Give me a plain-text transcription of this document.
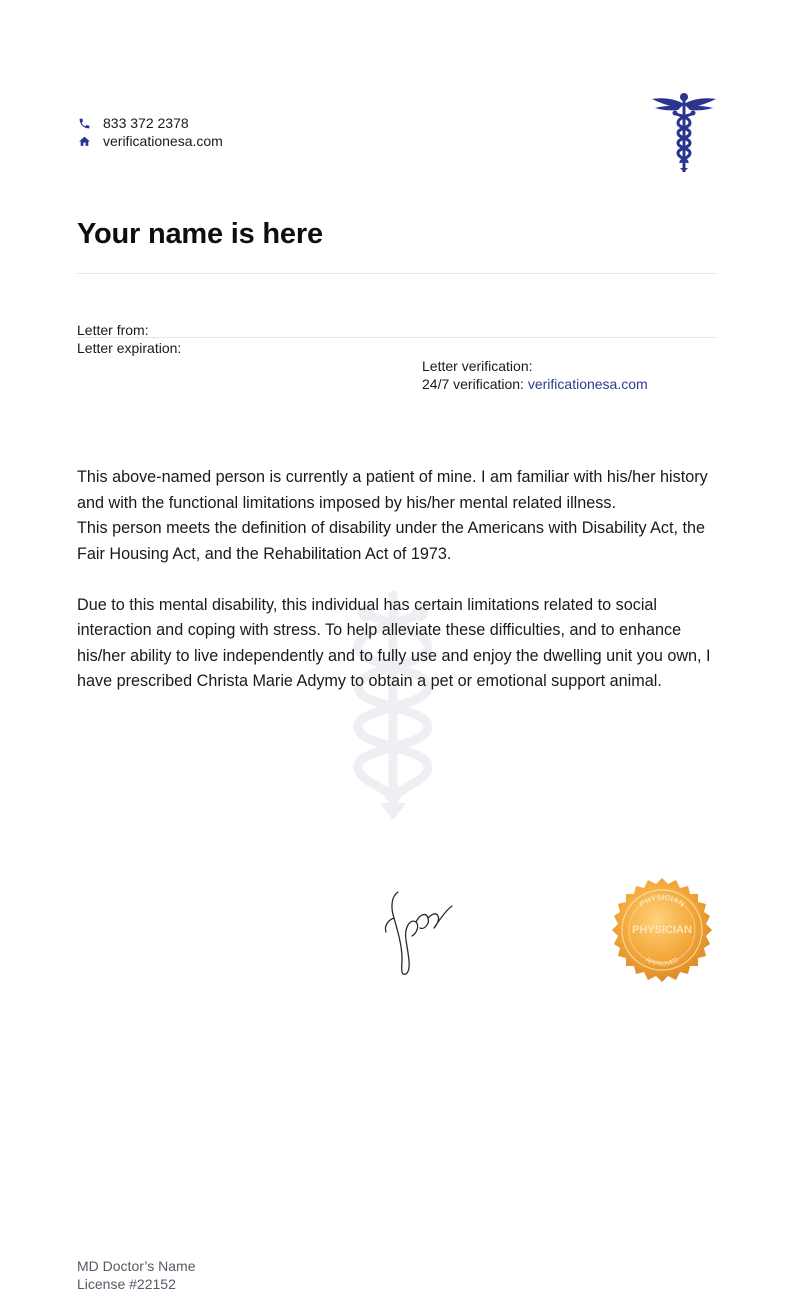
833 372 2378
verificationesa.com
Your name is here
Letter from:
Letter expiration:
Letter verification:
24/7 verification: verificationesa.com

This above-named person is currently a patient of mine. I am familiar with his/her history and with the functional limitations imposed by his/her mental related illness.

This person meets the definition of disability under the Americans with Disability Act, the Fair Housing Act, and the Rehabilitation Act of 1973.

Due to this mental disability, this individual has certain limitations related to social interaction and coping with stress. To help alleviate these difficulties, and to enhance his/her ability to live independently and to fully use and enjoy the dwelling unit you own, I have prescribed Christa Marie Adymy to obtain a pet or emotional support animal.

MD Doctor’s Name
License #22152
PHYSICIAN
PHYSICIAN
APPROVED
